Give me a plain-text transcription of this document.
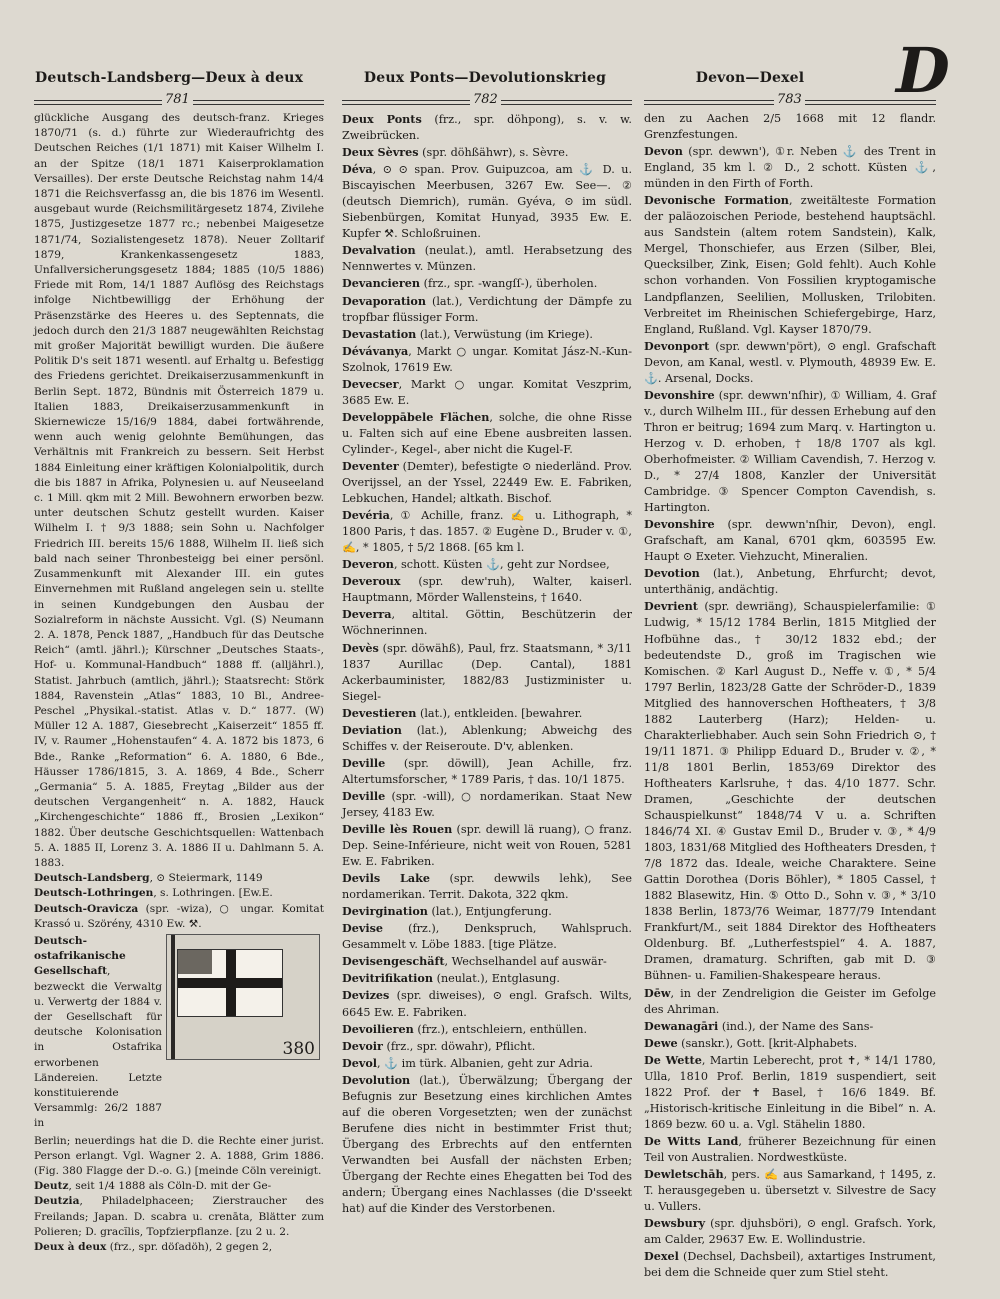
Deutsch-Landsberg—Deux à deux	Deux Ponts—Devolutionskrieg	Devon—Dexel	D
781	782	783

glückliche Ausgang des deutsch-franz. Krieges 1870/71 (s. d.) führte zur Wiederaufrichtg des Deutschen Reiches (1/1 1871) mit Kaiser Wilhelm I. an der Spitze (18/1 1871 Kaiserproklamation Versailles). Der erste Deutsche Reichstag nahm 14/4 1871 die Reichsverfassg an, die bis 1876 im Wesentl. ausgebaut wurde (Reichsmilitärgesetz 1874, Zivilehe 1875, Justizgesetze 1877 rc.; nebenbei Maigesetze 1871/74, Sozialistengesetz 1878). Neuer Zolltarif 1879, Krankenkassengesetz 1883, Unfallversicherungsgesetz 1884; 1885 (10/5 1886) Friede mit Rom, 14/1 1887 Auflösg des Reichstags infolge Nichtbewilligg der Erhöhung der Präsenzstärke des Heeres u. des Septennats, die jedoch durch den 21/3 1887 neugewählten Reichstag mit großer Majorität bewilligt wurden. Die äußere Politik D's seit 1871 wesentl. auf Erhaltg u. Befestigg des Friedens gerichtet. Dreikaiserzusammenkunft in Berlin Sept. 1872, Bündnis mit Österreich 1879 u. Italien 1883, Dreikaiserzusammenkunft in Skiernewicze 15/16/9 1884, dabei fortwährende, wenn auch wenig gelohnte Bemühungen, das Verhältnis mit Frankreich zu bessern. Seit Herbst 1884 Einleitung einer kräftigen Kolonialpolitik, durch die bis 1887 in Afrika, Polynesien u. auf Neuseeland c. 1 Mill. qkm mit 2 Mill. Bewohnern erworben bezw. unter deutschen Schutz gestellt wurden. Kaiser Wilhelm I. † 9/3 1888; sein Sohn u. Nachfolger Friedrich III. bereits 15/6 1888, Wilhelm II. ließ sich bald nach seiner Thronbesteigg bei einer persönl. Zusammenkunft mit Alexander III. ein gutes Einvernehmen mit Rußland angelegen sein u. stellte in seinen Kundgebungen den Ausbau der Sozialreform in nächste Aussicht. Vgl. (S) Neumann 2. A. 1878, Penck 1887, „Handbuch für das Deutsche Reich“ (amtl. jährl.); Kürschner „Deutsches Staats-, Hof- u. Kommunal-Handbuch“ 1888 ff. (alljährl.), Statist. Jahrbuch (amtlich, jährl.); Staatsrecht: Störk 1884, Ravenstein „Atlas“ 1883, 10 Bl., Andree-Peschel „Physikal.-statist. Atlas v. D.“ 1877. (W) Müller 12 A. 1887, Giesebrecht „Kaiserzeit“ 1855 ff. IV, v. Raumer „Hohenstaufen“ 4. A. 1872 bis 1873, 6 Bde., Ranke „Reformation“ 6. A. 1880, 6 Bde., Häusser 1786/1815, 3. A. 1869, 4 Bde., Scherr „Germania“ 5. A. 1885, Freytag „Bilder aus der deutschen Vergangenheit“ n. A. 1882, Hauck „Kirchengeschichte“ 1886 ff., Brosien „Lexikon“ 1882. Über deutsche Geschichtsquellen: Wattenbach 5. A. 1885 II, Lorenz 3. A. 1886 II u. Dahlmann 5. A. 1883.

Deutsch-Landsberg, ⊙ Steiermark, 1149

Deutsch-Lothringen, s. Lothringen. [Ew.E.

Deutsch-Oravicza (spr. -wiza), ○ ungar. Komitat Krassó u. Szörény, 4310 Ew. ⚒.

Deutsch-ostafrikanische Gesellschaft, bezweckt die Verwaltg u. Verwertg der 1884 v. der Gesellschaft für deutsche Kolonisation in Ostafrika erworbenen Ländereien. Letzte konstituierende Versammlg: 26/2 1887 in

380

Berlin; neuerdings hat die D. die Rechte einer jurist. Person erlangt. Vgl. Wagner 2. A. 1888, Grim 1886. (Fig. 380 Flagge der D.-o. G.) [meinde Cöln vereinigt.

Deutz, seit 1/4 1888 als Cöln-D. mit der Ge-

Deutzia, Philadelphaceen; Zierstraucher des Freilands; Japan. D. scabra u. crenāta, Blätter zum Polieren; D. gracĭlis, Topfzierpflanze. [zu 2 u. 2.

Deux à deux (frz., spr. döſadöh), 2 gegen 2,

Deux Ponts (frz., spr. döhpong), s. v. w. Zweibrücken.

Deux Sèvres (spr. döhßähwr), s. Sèvre.

Déva, ⊙ ⊙ span. Prov. Guipuzcoa, am ⚓ D. u. Biscayischen Meerbusen, 3267 Ew. See—. ② (deutsch Diemrich), rumän. Gyéva, ⊙ im südl. Siebenbürgen, Komitat Hunyad, 3935 Ew. E. Kupfer ⚒. Schloßruinen.

Devalvation (neulat.), amtl. Herabsetzung des Nennwertes v. Münzen.

Devancieren (frz., spr. -wangſſ-), überholen.

Devaporation (lat.), Verdichtung der Dämpfe zu tropfbar flüssiger Form.

Devastation (lat.), Verwüstung (im Kriege).

Dévávanya, Markt ○ ungar. Komitat Jász-N.-Kun-Szolnok, 17619 Ew.

Devecser, Markt ○ ungar. Komitat Veszprim, 3685 Ew. E.

Developpābele Flächen, solche, die ohne Risse u. Falten sich auf eine Ebene ausbreiten lassen. Cylinder-, Kegel-, aber nicht die Kugel-F.

Deventer (Demter), befestigte ⊙ niederländ. Prov. Overijssel, an der Yssel, 22449 Ew. E. Fabriken, Lebkuchen, Handel; altkath. Bischof.

Devéria, ① Achille, franz. ✍ u. Lithograph, * 1800 Paris, † das. 1857. ② Eugène D., Bruder v. ①, ✍, * 1805, † 5/2 1868. [65 km l.

Deveron, schott. Küsten ⚓, geht zur Nordsee,

Deveroux (spr. dew'ruh), Walter, kaiserl. Hauptmann, Mörder Wallensteins, † 1640.

Deverra, altital. Göttin, Beschützerin der Wöchnerinnen.

Devès (spr. döwähß), Paul, frz. Staatsmann, * 3/11 1837 Aurillac (Dep. Cantal), 1881 Ackerbauminister, 1882/83 Justizminister u. Siegel-

Devestieren (lat.), entkleiden. [bewahrer.

Deviation (lat.), Ablenkung; Abweichg des Schiffes v. der Reiseroute. D'v, ablenken.

Deville (spr. döwill), Jean Achille, frz. Altertumsforscher, * 1789 Paris, † das. 10/1 1875.

Deville (spr. -will), ○ nordamerikan. Staat New Jersey, 4183 Ew.

Deville lès Rouen (spr. dewill lä ruang), ○ franz. Dep. Seine-Inférieure, nicht weit von Rouen, 5281 Ew. E. Fabriken.

Devils Lake (spr. dewwils lehk), See nordamerikan. Territ. Dakota, 322 qkm.

Devirgination (lat.), Entjungferung.

Devise (frz.), Denkspruch, Wahlspruch. Gesammelt v. Löbe 1883. [tige Plätze.

Devisengeschäft, Wechselhandel auf auswär-

Devitrifikation (neulat.), Entglasung.

Devizes (spr. diweises), ⊙ engl. Grafsch. Wilts, 6645 Ew. E. Fabriken.

Devoilieren (frz.), entschleiern, enthüllen.

Devoir (frz., spr. döwahr), Pflicht.

Devol, ⚓ im türk. Albanien, geht zur Adria.

Devolution (lat.), Überwälzung; Übergang der Befugnis zur Besetzung eines kirchlichen Amtes auf die oberen Vorgesetzten; wen der zunächst Berufene dies nicht in bestimmter Frist thut; Übergang des Erbrechts auf den entfernten Verwandten bei Ausfall der nächsten Erben; Übergang der Rechte eines Ehegatten bei Tod des andern; Übergang eines Nachlasses (die D'sseekt hat) auf die Kinder des Verstorbenen.

den zu Aachen 2/5 1668 mit 12 flandr. Grenzfestungen.

Devon (spr. dewwn'), ①r. Neben ⚓ des Trent in England, 35 km l. ② D., 2 schott. Küsten ⚓, münden in den Firth of Forth.

Devonische Formation, zweitälteste Formation der paläozoischen Periode, bestehend hauptsächl. aus Sandstein (altem rotem Sandstein), Kalk, Mergel, Thonschiefer, aus Erzen (Silber, Blei, Quecksilber, Zink, Eisen; Gold fehlt). Auch Kohle schon vorhanden. Von Fossilien kryptogamische Landpflanzen, Seelilien, Mollusken, Trilobiten. Verbreitet im Rheinischen Schiefergebirge, Harz, England, Rußland. Vgl. Kayser 1870/79.

Devonport (spr. dewwn'pört), ⊙ engl. Grafschaft Devon, am Kanal, westl. v. Plymouth, 48939 Ew. E. ⚓. Arsenal, Docks.

Devonshire (spr. dewwn'nſhir), ① William, 4. Graf v., durch Wilhelm III., für dessen Erhebung auf den Thron er beitrug; 1694 zum Marq. v. Hartington u. Herzog v. D. erhoben, † 18/8 1707 als kgl. Oberhofmeister. ② William Cavendish, 7. Herzog v. D., * 27/4 1808, Kanzler der Universität Cambridge. ③ Spencer Compton Cavendish, s. Hartington.

Devonshire (spr. dewwn'nſhir, Devon), engl. Grafschaft, am Kanal, 6701 qkm, 603595 Ew. Haupt ⊙ Exeter. Viehzucht, Mineralien.

Devotion (lat.), Anbetung, Ehrfurcht; devot, unterthänig, andächtig.

Devrient (spr. dewriäng), Schauspielerfamilie: ① Ludwig, * 15/12 1784 Berlin, 1815 Mitglied der Hofbühne das., † 30/12 1832 ebd.; der bedeutendste D., groß im Tragischen wie Komischen. ② Karl August D., Neffe v. ①, * 5/4 1797 Berlin, 1823/28 Gatte der Schröder-D., 1839 Mitglied des hannoverschen Hoftheaters, † 3/8 1882 Lauterberg (Harz); Helden- u. Charakterliebhaber. Auch sein Sohn Friedrich ⊙, † 19/11 1871. ③ Philipp Eduard D., Bruder v. ②, * 11/8 1801 Berlin, 1853/69 Direktor des Hoftheaters Karlsruhe, † das. 4/10 1877. Schr. Dramen, „Geschichte der deutschen Schauspielkunst“ 1848/74 V u. a. Schriften 1846/74 XI. ④ Gustav Emil D., Bruder v. ③, * 4/9 1803, 1831/68 Mitglied des Hoftheaters Dresden, † 7/8 1872 das. Ideale, weiche Charaktere. Seine Gattin Dorothea (Doris Böhler), * 1805 Cassel, † 1882 Blasewitz, Hin. ⑤ Otto D., Sohn v. ③, * 3/10 1838 Berlin, 1873/76 Weimar, 1877/79 Intendant Frankfurt/M., seit 1884 Direktor des Hoftheaters Oldenburg. Bf. „Lutherfestspiel“ 4. A. 1887, Dramen, dramaturg. Schriften, gab mit D. ③ Bühnen- u. Familien-Shakespeare heraus.

Dēw, in der Zendreligion die Geister im Gefolge des Ahriman.

Dewanagāri (ind.), der Name des Sans-

Dewe (sanskr.), Gott. [krit-Alphabets.

De Wette, Martin Leberecht, prot ✝, * 14/1 1780, Ulla, 1810 Prof. Berlin, 1819 suspendiert, seit 1822 Prof. der ✝ Basel, † 16/6 1849. Bf. „Historisch-kritische Einleitung in die Bibel“ n. A. 1869 bezw. 60 u. a. Vgl. Stähelin 1880.

De Witts Land, früherer Bezeichnung für einen Teil von Australien. Nordwestküste.

Dewletschāh, pers. ✍ aus Samarkand, † 1495, z. T. herausgegeben u. übersetzt v. Silvestre de Sacy u. Vullers.

Dewsbury (spr. djuhsböri), ⊙ engl. Grafsch. York, am Calder, 29637 Ew. E. Wollindustrie.

Dexel (Dechsel, Dachsbeil), axtartiges Instrument, bei dem die Schneide quer zum Stiel steht.
